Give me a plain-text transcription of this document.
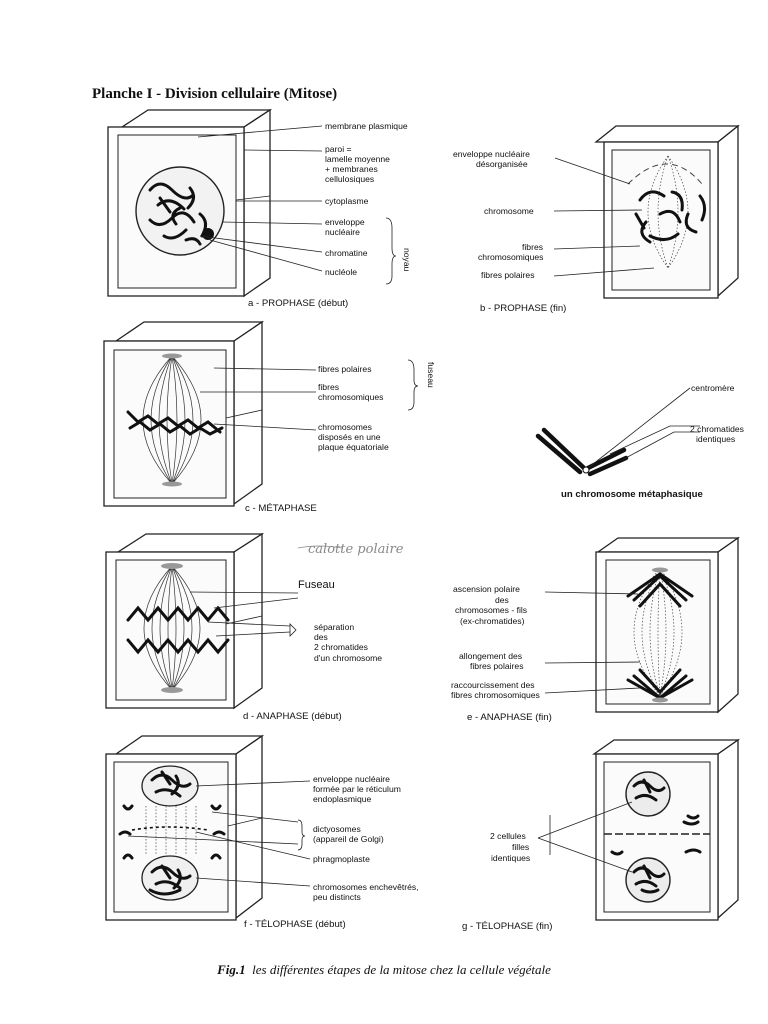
Planche I - Division cellulaire (Mitose)
membrane plasmique
paroi =
lamelle moyenne
+ membranes
cellulosiques
cytoplasme
enveloppe
nucléaire
chromatine
nucléole
noyau
a - PROPHASE (début)
enveloppe nucléaire
désorganisée
chromosome
fibres
chromosomiques
fibres polaires
b - PROPHASE (fin)
fibres polaires
fibres
chromosomiques
chromosomes
disposés en une
plaque équatoriale
fuseau
c - MÉTAPHASE
centromère
2 chromatides
identiques
un chromosome métaphasique
calotte polaire
Fuseau
séparation
des
2 chromatides
d'un chromosome
d - ANAPHASE (début)
ascension polaire
des
chromosomes - fils
(ex-chromatides)
allongement des
fibres polaires
raccourcissement des
fibres chromosomiques
e - ANAPHASE (fin)
enveloppe nucléaire
formée par le réticulum
endoplasmique
dictyosomes
(appareil de Golgi)
phragmoplaste
chromosomes enchevêtrés,
peu distincts
f - TÉLOPHASE (début)
2 cellules
filles
identiques
g - TÉLOPHASE (fin)
Fig.1 les différentes étapes de la mitose chez la cellule végétale
